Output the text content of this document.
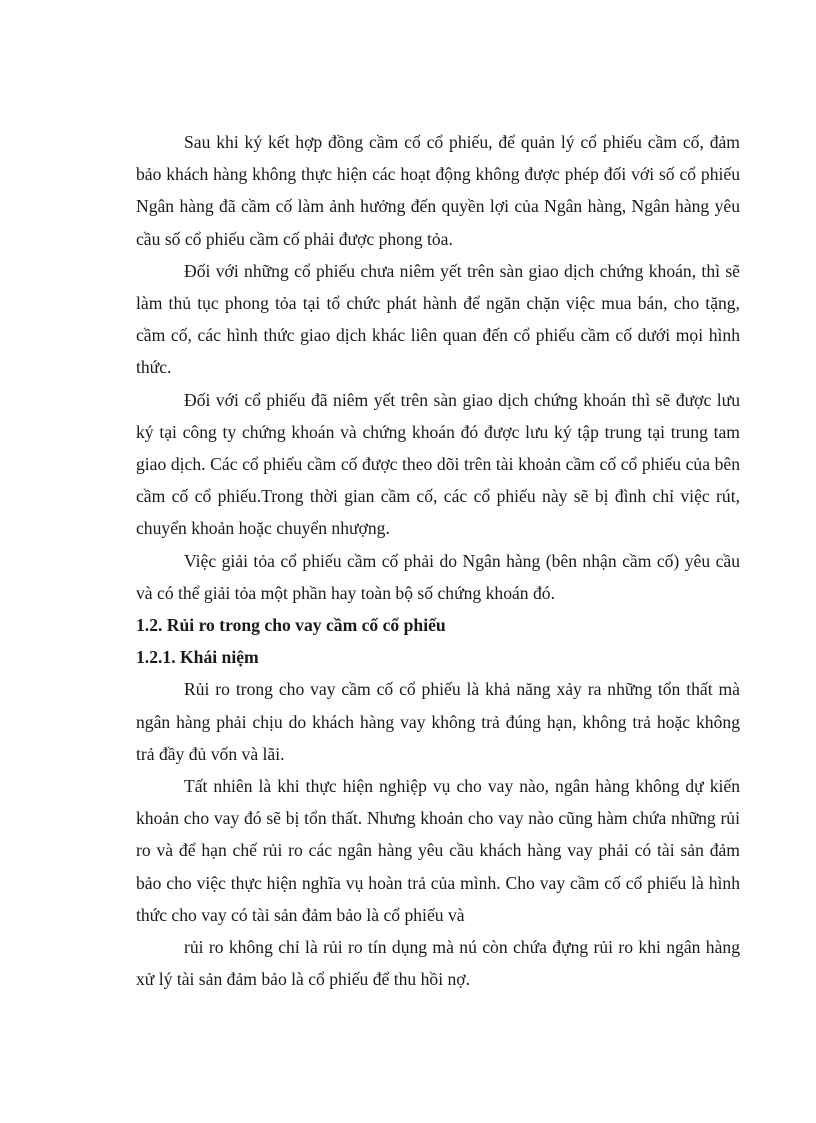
Sau khi ký kết hợp đồng cầm cố cổ phiếu, để quản lý cổ phiếu cầm cố, đảm bảo khách hàng không thực hiện các hoạt động không được phép đối với số cổ phiếu Ngân hàng đã cầm cố làm ảnh hưởng đến quyền lợi của Ngân hàng, Ngân hàng yêu cầu số cổ phiếu cầm cố phải được phong tỏa.

Đối với những cổ phiếu chưa niêm yết trên sàn giao dịch chứng khoán, thì sẽ làm thủ tục phong tỏa tại tổ chức phát hành để ngăn chặn việc mua bán, cho tặng, cầm cố, các hình thức giao dịch khác liên quan đến cổ phiếu cầm cố dưới mọi hình thức.

Đối với cổ phiếu đã niêm yết trên sàn giao dịch chứng khoán thì sẽ được lưu ký tại công ty chứng khoán và chứng khoán đó được lưu ký tập trung tại trung tam giao dịch. Các cổ phiếu cầm cố được theo dõi trên tài khoản cầm cố cổ phiếu của bên cầm cố cổ phiếu.Trong thời gian cầm cố, các cổ phiếu này sẽ bị đình chỉ việc rút, chuyển khoản hoặc chuyển nhượng.

Việc giải tỏa cổ phiếu cầm cố phải do Ngân hàng (bên nhận cầm cố) yêu cầu và có thể giải tỏa một phần hay toàn bộ số chứng khoán đó.

1.2. Rủi ro trong cho vay cầm cố cổ phiếu

1.2.1. Khái niệm

Rủi ro trong cho vay cầm cố cổ phiếu là khả năng xảy ra những tổn thất mà ngân hàng phải chịu do khách hàng vay không trả đúng hạn, không trả hoặc không trả đầy đủ vốn và lãi.

Tất nhiên là khi thực hiện nghiệp vụ cho vay nào, ngân hàng không dự kiến khoản cho vay đó sẽ bị tổn thất. Nhưng khoản cho vay nào cũng hàm chứa những rủi ro và để hạn chế rủi ro các ngân hàng yêu cầu khách hàng vay phải có tài sản đảm bảo cho việc thực hiện nghĩa vụ hoàn trả của mình. Cho vay cầm cố cổ phiếu là hình thức cho vay có tài sản đảm bảo là cổ phiếu và

rủi ro không chỉ là rủi ro tín dụng mà nú còn chứa đựng rủi ro khi ngân hàng xử lý tài sản đảm bảo là cổ phiếu để thu hồi nợ.
